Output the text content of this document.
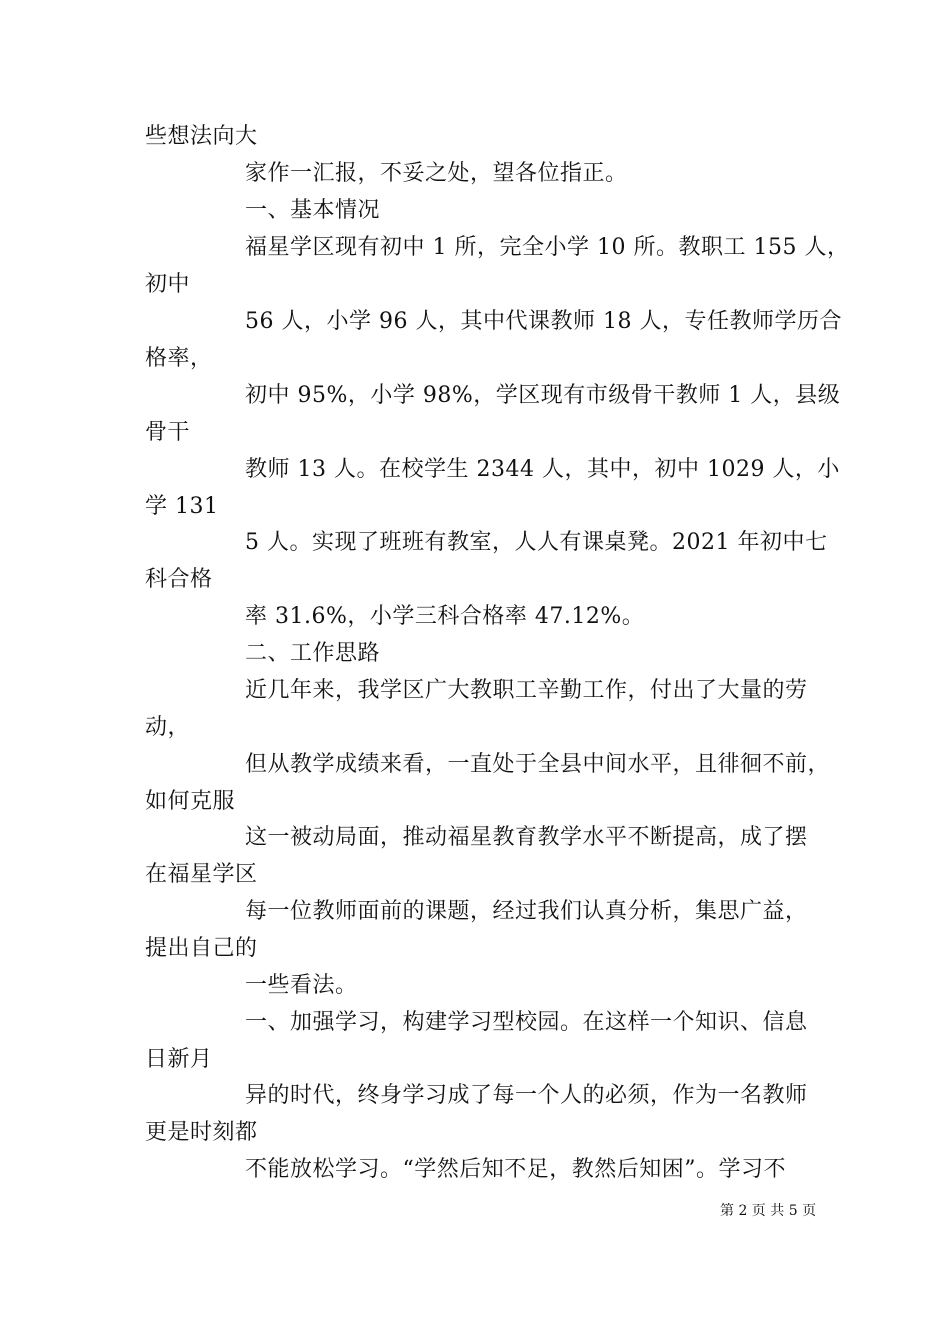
些想法向大
家作一汇报，不妥之处，望各位指正。
一、基本情况
福星学区现有初中 1 所，完全小学 10 所。教职工 155 人，
初中
56 人，小学 96 人，其中代课教师 18 人，专任教师学历合
格率，
初中 95%，小学 98%，学区现有市级骨干教师 1 人，县级
骨干
教师 13 人。在校学生 2344 人，其中，初中 1029 人，小
学 131
5 人。实现了班班有教室，人人有课桌凳。2021 年初中七
科合格
率 31.6%，小学三科合格率 47.12%。
二、工作思路
近几年来，我学区广大教职工辛勤工作，付出了大量的劳
动，
但从教学成绩来看，一直处于全县中间水平，且徘徊不前，
如何克服
这一被动局面，推动福星教育教学水平不断提高，成了摆
在福星学区
每一位教师面前的课题，经过我们认真分析，集思广益，
提出自己的
一些看法。
一、加强学习，构建学习型校园。在这样一个知识、信息
日新月
异的时代，终身学习成了每一个人的必须，作为一名教师
更是时刻都
不能放松学习。“学然后知不足，教然后知困”。学习不
第 2 页 共 5 页
